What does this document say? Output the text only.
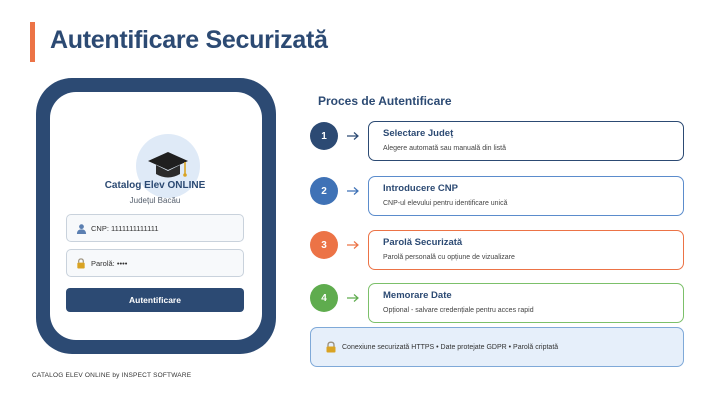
Autentificare Securizată
Catalog Elev ONLINE
Județul Bacău
CNP: 1111111111111
Parolă: ••••
Autentificare
CATALOG ELEV ONLINE by INSPECT SOFTWARE
Proces de Autentificare
1	Selectare Județ
Alegere automată sau manuală din listă
2	Introducere CNP
CNP-ul elevului pentru identificare unică
3	Parolă Securizată
Parolă personală cu opțiune de vizualizare
4	Memorare Date
Opțional - salvare credențiale pentru acces rapid
Conexiune securizată HTTPS • Date protejate GDPR • Parolă criptată
